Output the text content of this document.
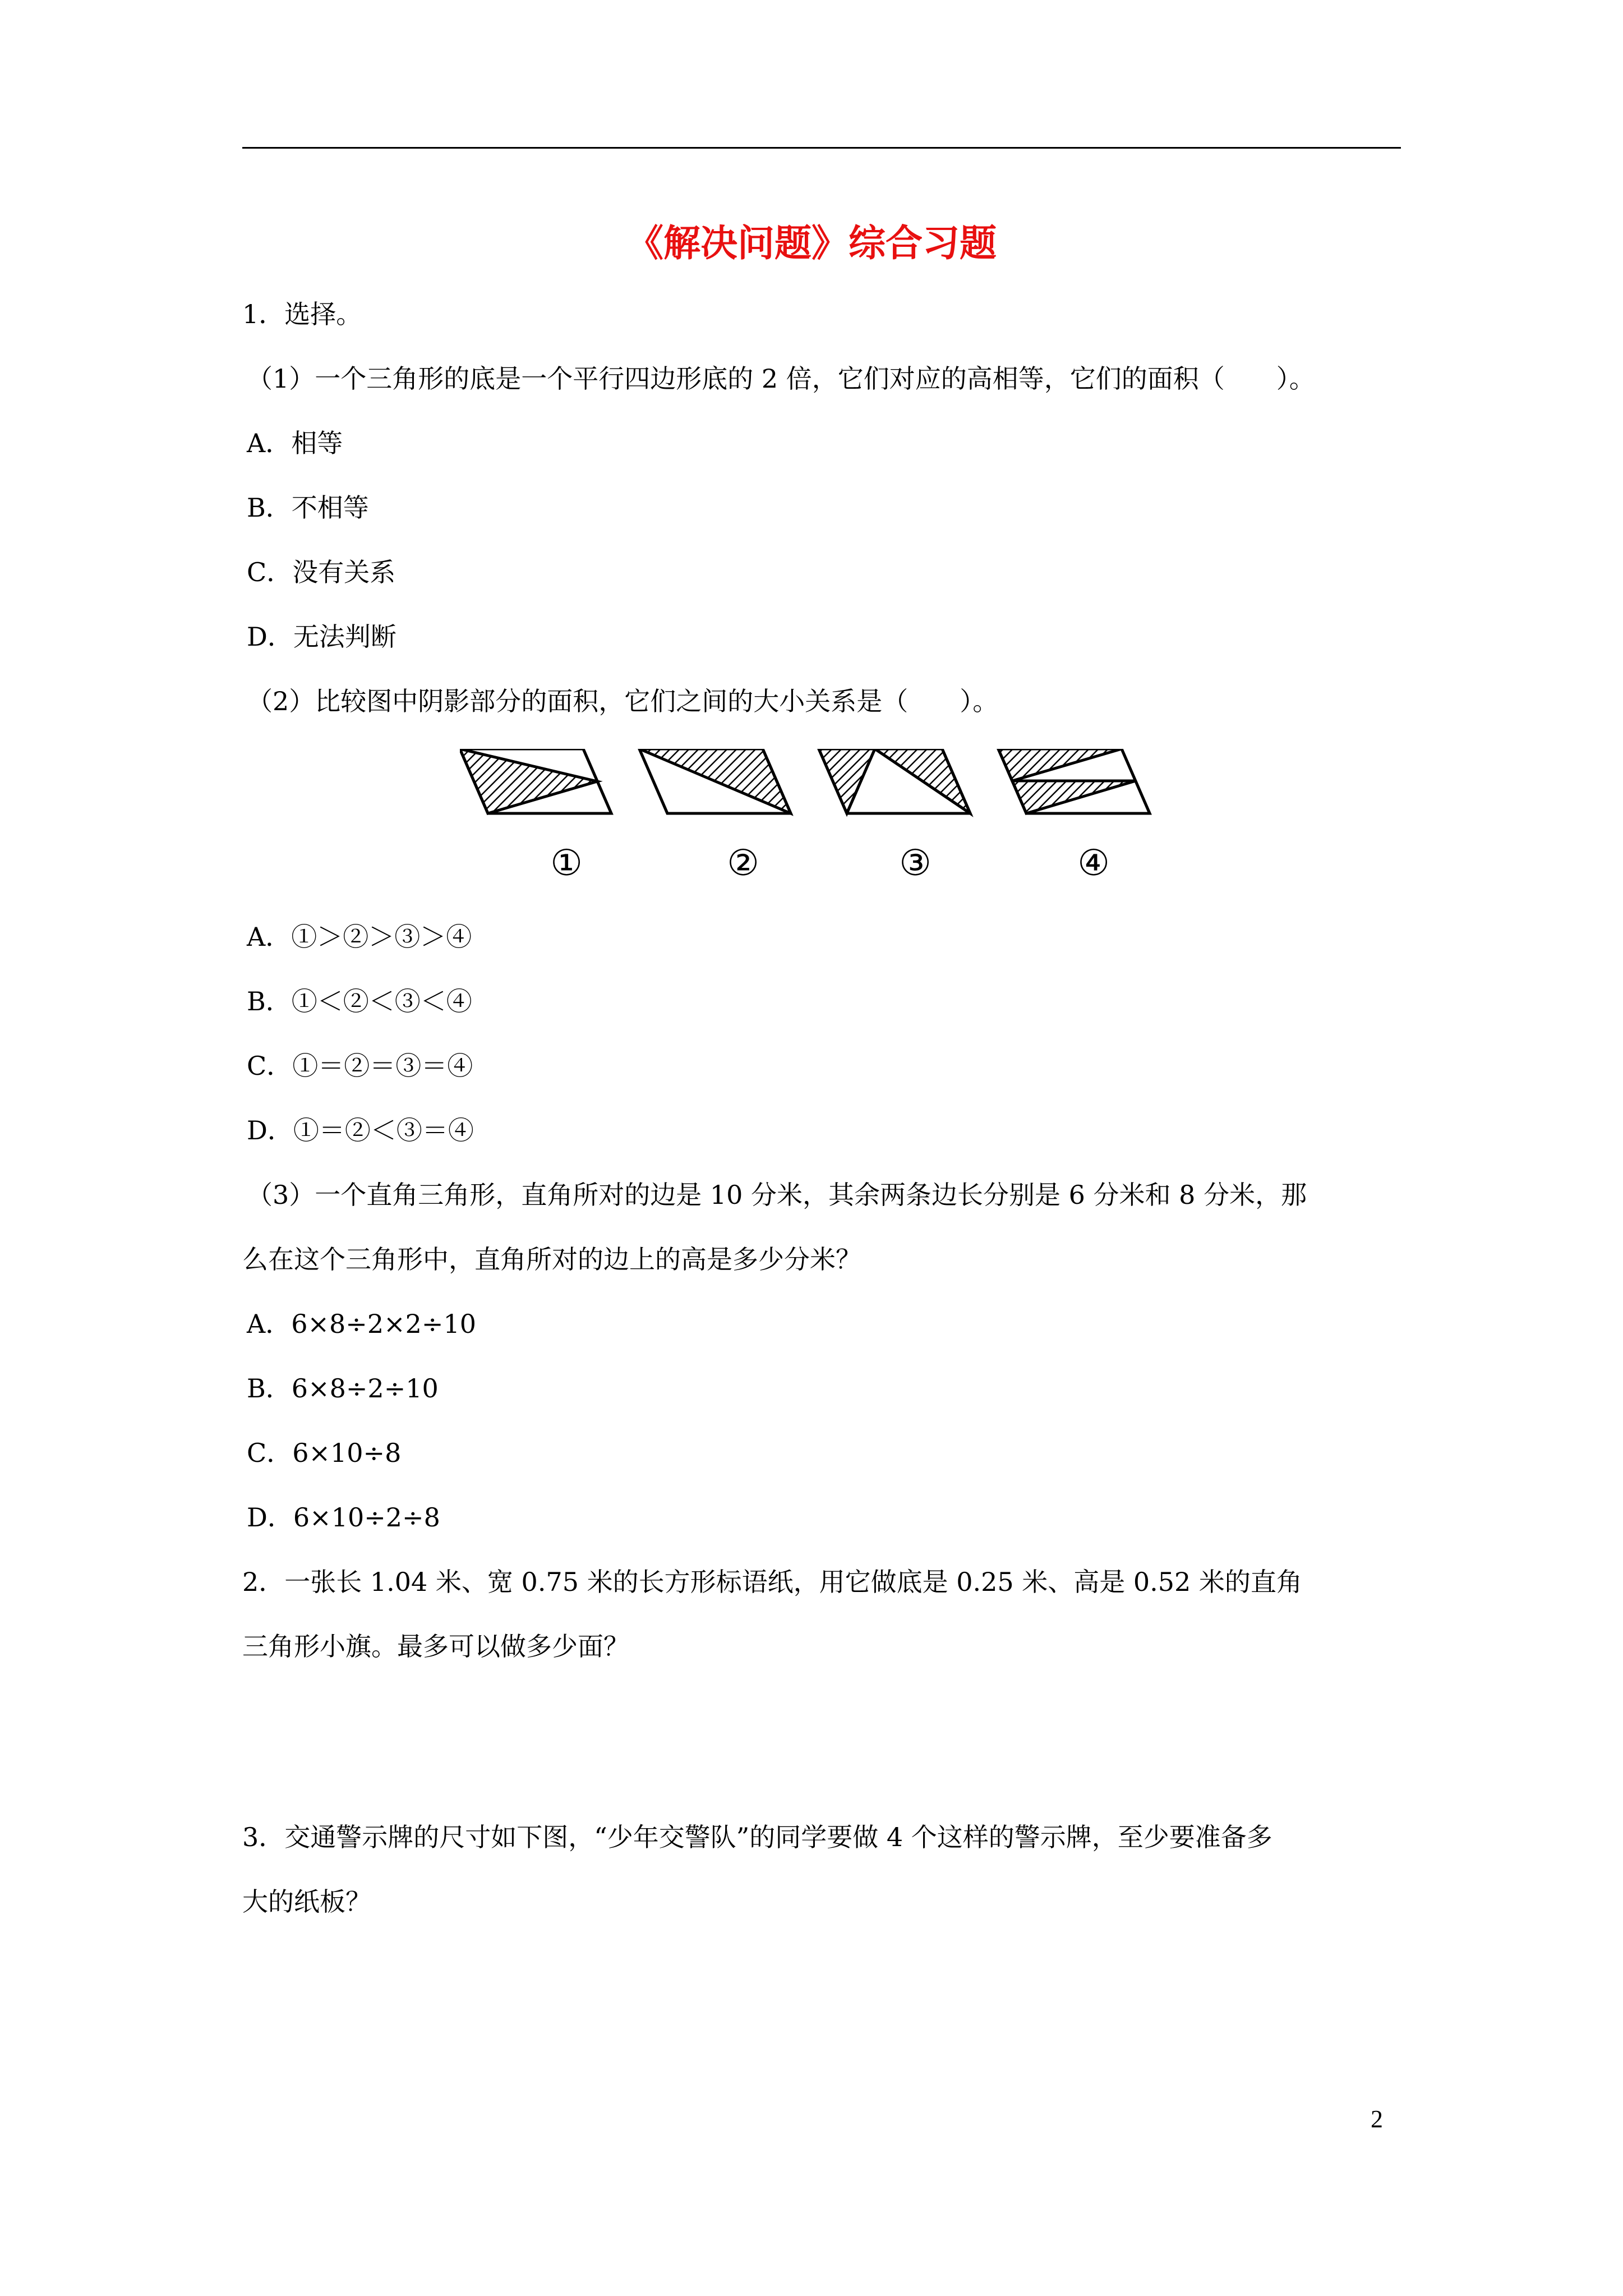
《解决问题》综合习题
1．选择。
（1）一个三角形的底是一个平行四边形底的 2 倍，它们对应的高相等，它们的面积（　　）。
A．相等
B．不相等
C．没有关系
D．无法判断
（2）比较图中阴影部分的面积，它们之间的大小关系是（　　）。
①	②	③	④
A．①＞②＞③＞④
B．①＜②＜③＜④
C．①＝②＝③＝④
D．①＝②＜③＝④
（3）一个直角三角形，直角所对的边是 10 分米，其余两条边长分别是 6 分米和 8 分米，那
么在这个三角形中，直角所对的边上的高是多少分米？
A．6×8÷2×2÷10
B．6×8÷2÷10
C．6×10÷8
D．6×10÷2÷8
2．一张长 1.04 米、宽 0.75 米的长方形标语纸，用它做底是 0.25 米、高是 0.52 米的直角
三角形小旗。最多可以做多少面？
3．交通警示牌的尺寸如下图，“少年交警队”的同学要做 4 个这样的警示牌，至少要准备多
大的纸板？
2
